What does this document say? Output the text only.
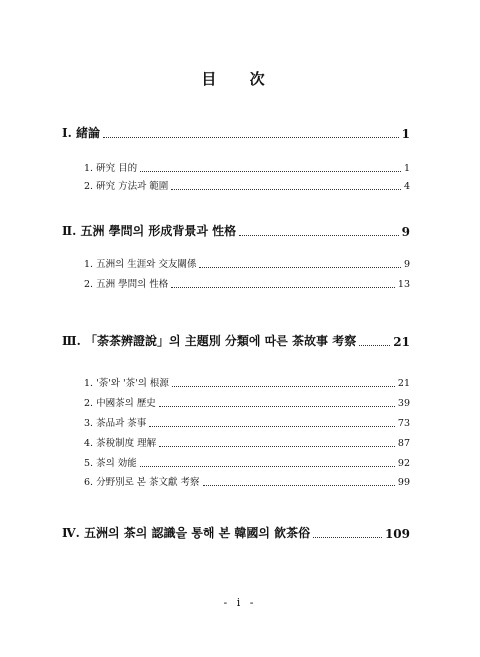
目 次
Ⅰ. 緒論	1
1. 硏究 目的	1
2. 硏究 方法과 範圍	4
Ⅱ. 五洲 學問의 形成背景과 性格	9
1. 五洲의 生涯와 交友關係	9
2. 五洲 學問의 性格	13
Ⅲ. 「荼茶辨證說」의 主題別 分類에 따른 茶故事 考察	21
1. '荼'와 '茶'의 根源	21
2. 中國茶의 歷史	39
3. 茶品과 茶事	73
4. 茶稅制度 理解	87
5. 茶의 効能	92
6. 分野別로 본 茶文獻 考察	99
Ⅳ. 五洲의 茶의 認識을 통해 본 韓國의 飮茶俗	109
- i -
